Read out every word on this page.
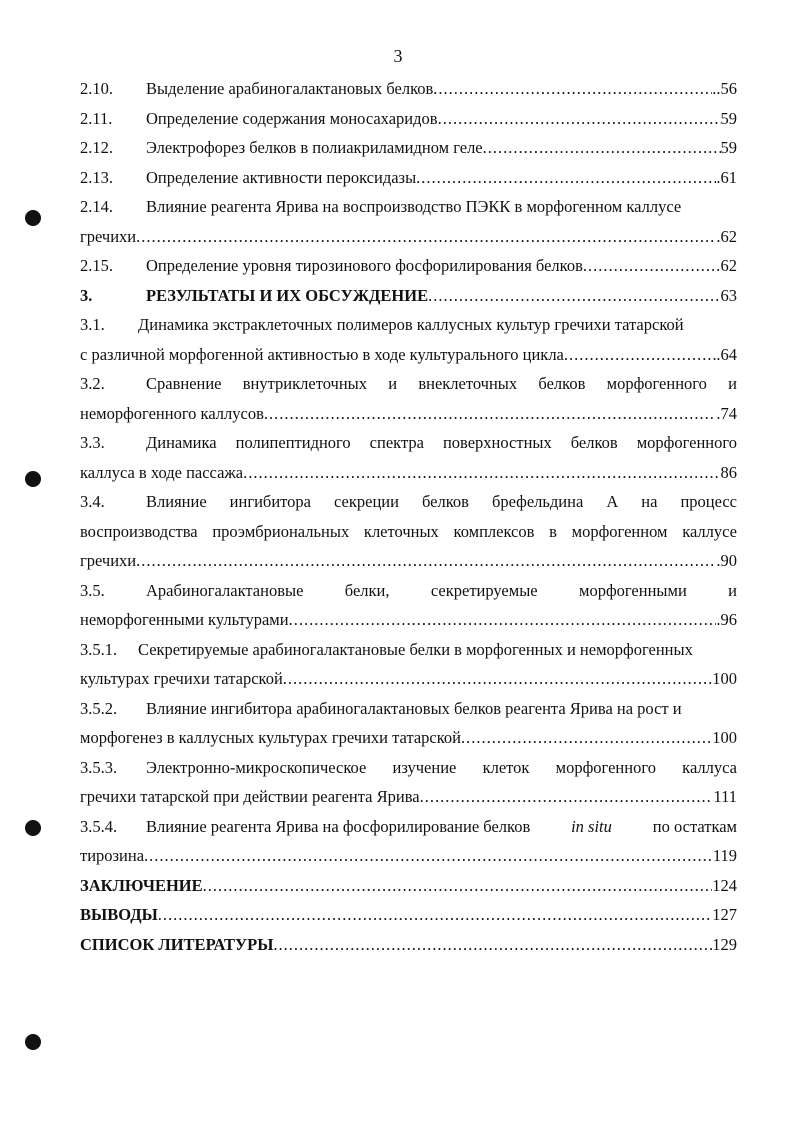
3
2.10.	Выделение арабиногалактановых белков .....	..56
2.11.	Определение содержания моносахаридов .....	59
2.12.	Электрофорез белков в полиакриламидном геле .....	59
2.13.	Определение активности пероксидазы .....	.61
2.14.	Влияние реагента Ярива на воспроизводство ПЭКК в морфогенном каллусе
гречихи .....	.62
2.15.	Определение уровня тирозинового фосфорилирования белков .....	62
3.	РЕЗУЛЬТАТЫ И ИХ ОБСУЖДЕНИЕ .....	63
3.1.	Динамика экстраклеточных полимеров каллусных культур гречихи татарской
с различной морфогенной активностью в ходе культурального цикла .....	.64
3.2.	Сравнение внутриклеточных и внеклеточных белков морфогенного и
неморфогенного каллусов .....	.74
3.3.	Динамика полипептидного спектра поверхностных белков морфогенного
каллуса в ходе пассажа .....	86
3.4.	Влияние ингибитора секреции белков брефельдина А на процесс
воспроизводства проэмбриональных клеточных комплексов в морфогенном каллусе
гречихи .....	.90
3.5.	Арабиногалактановые белки, секретируемые морфогенными и
неморфогенными культурами .....	.96
3.5.1.	Секретируемые арабиногалактановые белки в морфогенных и неморфогенных
культурах гречихи татарской .....	100
3.5.2.	Влияние ингибитора арабиногалактановых белков реагента Ярива на рост и
морфогенез в каллусных культурах гречихи татарской .....	100
3.5.3.	Электронно-микроскопическое изучение клеток морфогенного каллуса
гречихи татарской при действии реагента Ярива .....	111
3.5.4.	Влияние реагента Ярива на фосфорилирование белков in situ по остаткам
тирозина .....	119
ЗАКЛЮЧЕНИЕ .....	124
ВЫВОДЫ .....	127
СПИСОК ЛИТЕРАТУРЫ .....	129
